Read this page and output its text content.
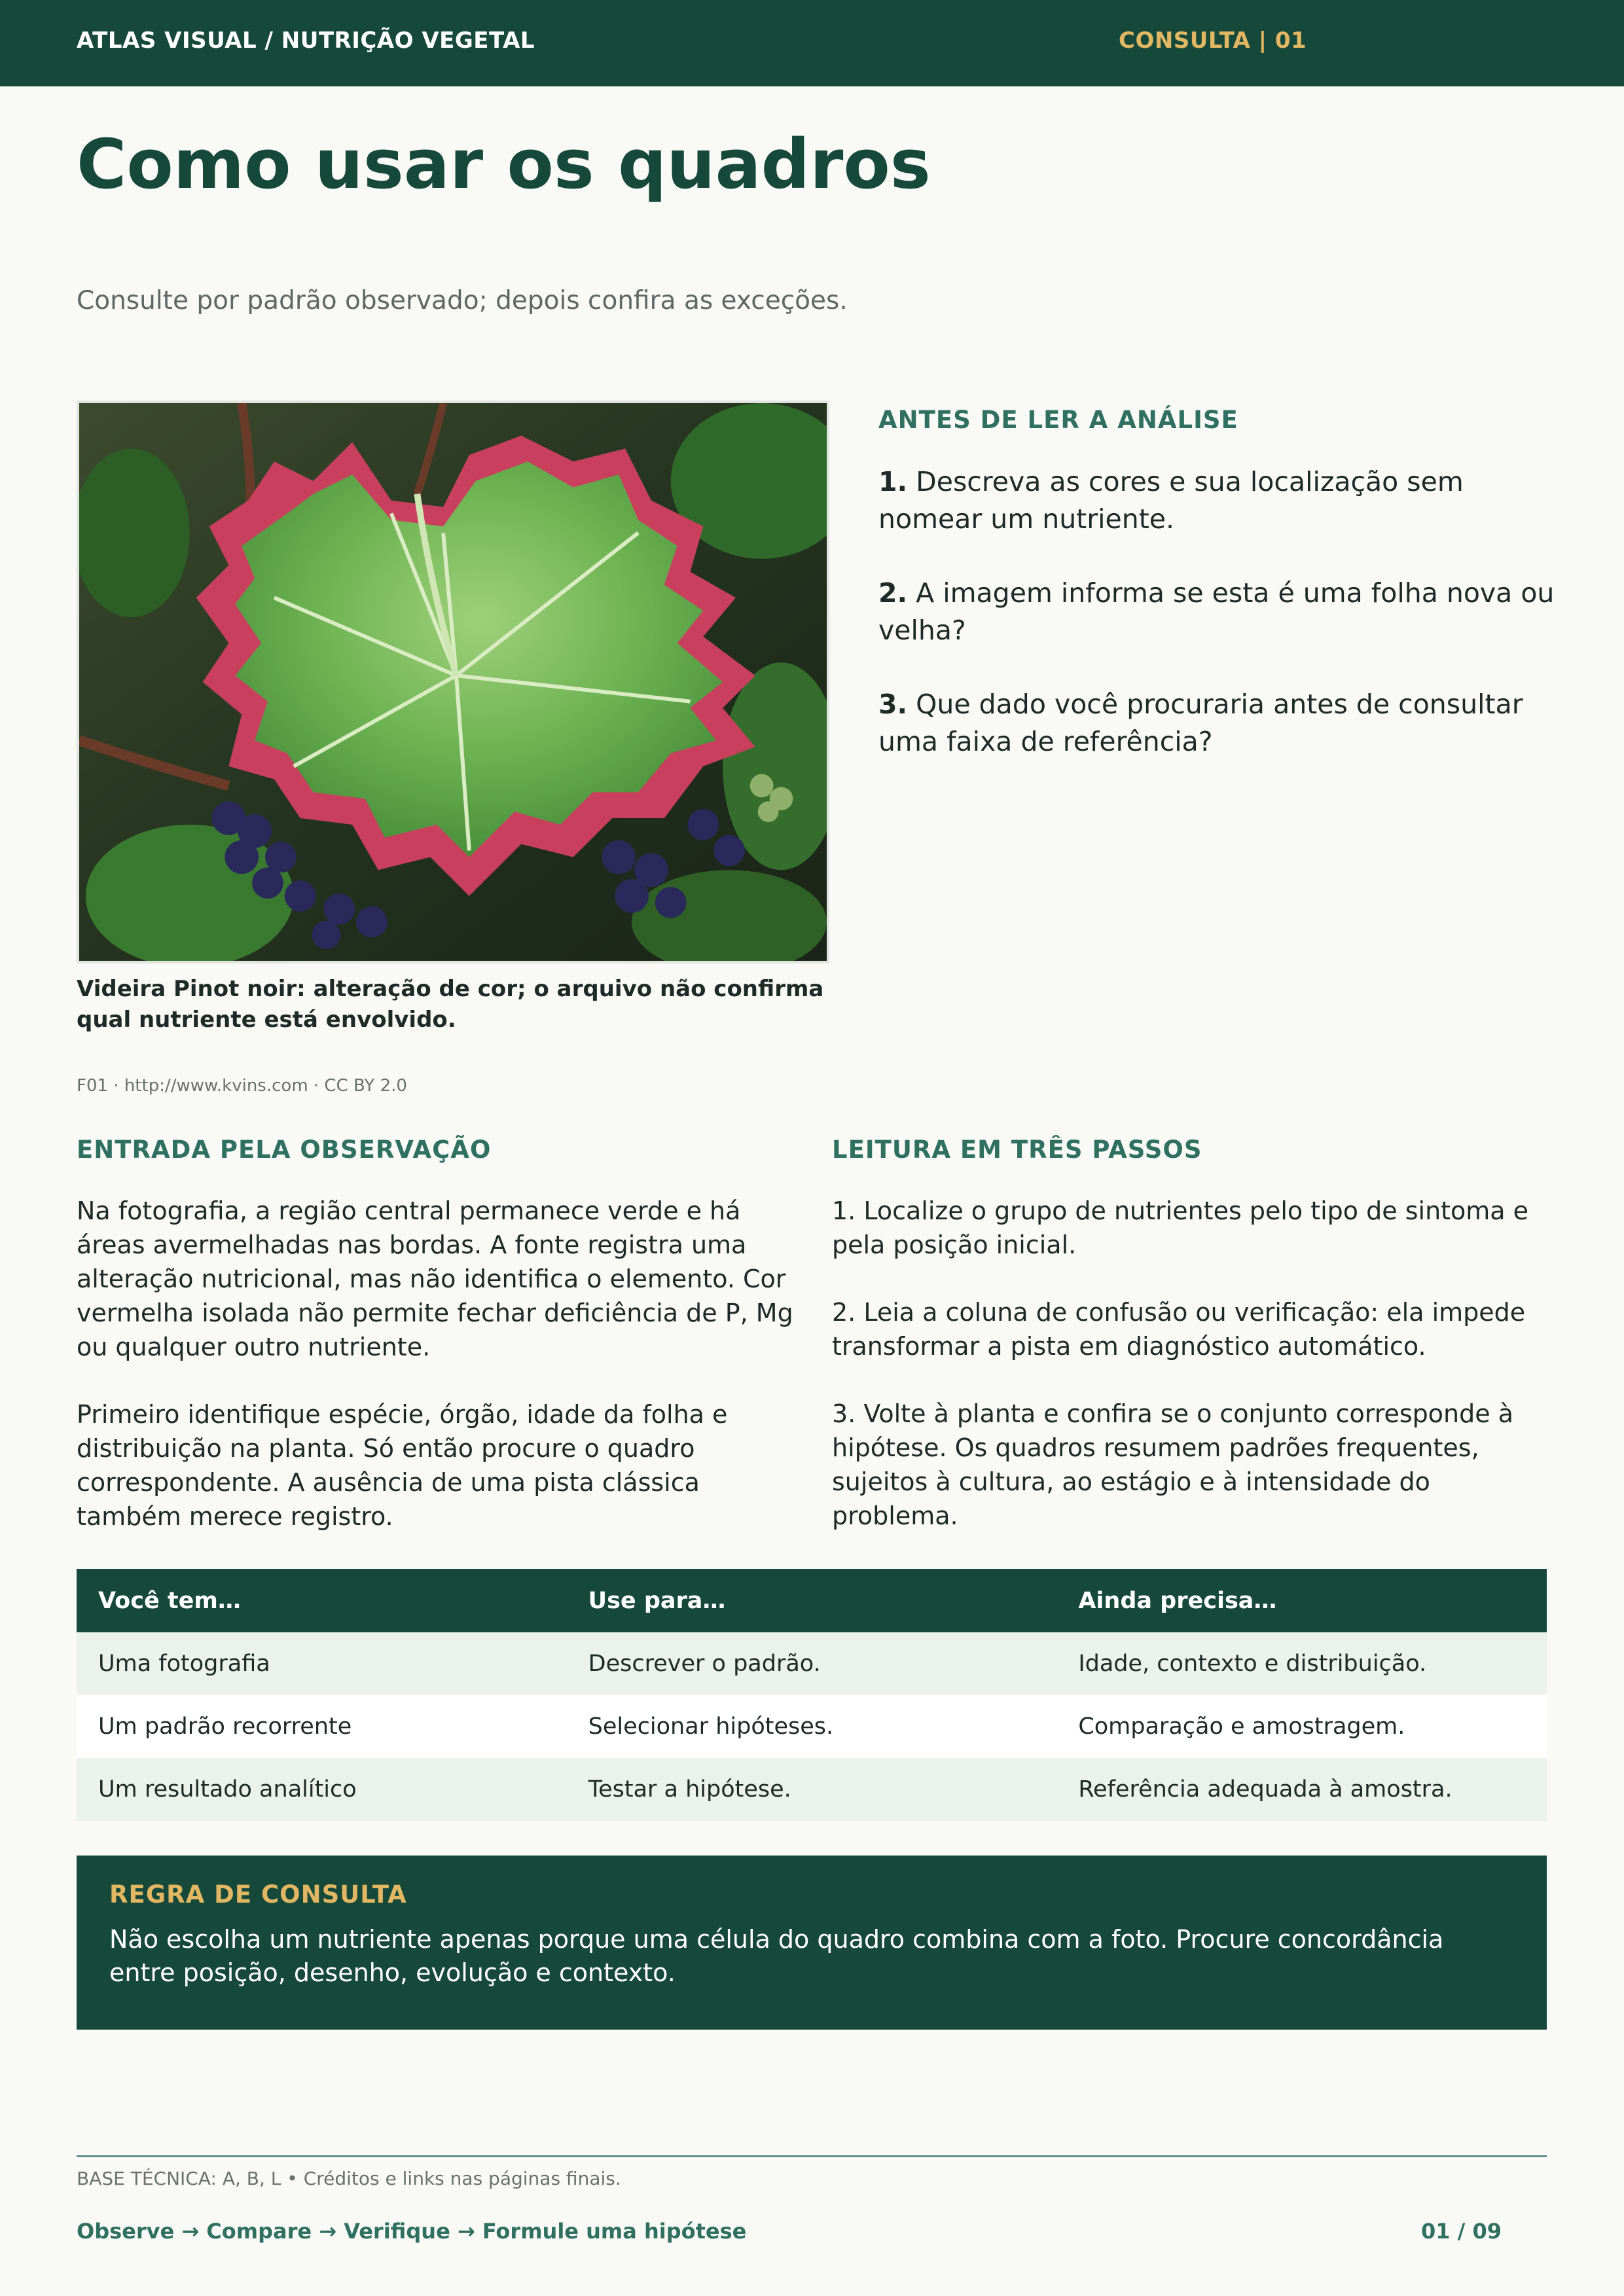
ATLAS VISUAL / NUTRIÇÃO VEGETAL	CONSULTA | 01
Como usar os quadros

Consulte por padrão observado; depois confira as exceções.

Videira Pinot noir: alteração de cor; o arquivo não confirma qual nutriente está envolvido.

F01 · http://www.kvins.com · CC BY 2.0
ANTES DE LER A ANÁLISE

1. Descreva as cores e sua localização sem nomear um nutriente.

2. A imagem informa se esta é uma folha nova ou velha?

3. Que dado você procuraria antes de consultar uma faixa de referência?

ENTRADA PELA OBSERVAÇÃO

Na fotografia, a região central permanece verde e há áreas avermelhadas nas bordas. A fonte registra uma alteração nutricional, mas não identifica o elemento. Cor vermelha isolada não permite fechar deficiência de P, Mg ou qualquer outro nutriente.

Primeiro identifique espécie, órgão, idade da folha e distribuição na planta. Só então procure o quadro correspondente. A ausência de uma pista clássica também merece registro.

LEITURA EM TRÊS PASSOS

1. Localize o grupo de nutrientes pelo tipo de sintoma e pela posição inicial.

2. Leia a coluna de confusão ou verificação: ela impede transformar a pista em diagnóstico automático.

3. Volte à planta e confira se o conjunto corresponde à hipótese. Os quadros resumem padrões frequentes, sujeitos à cultura, ao estágio e à intensidade do problema.

Você tem…	Use para…	Ainda precisa…
Uma fotografia	Descrever o padrão.	Idade, contexto e distribuição.
Um padrão recorrente	Selecionar hipóteses.	Comparação e amostragem.
Um resultado analítico	Testar a hipótese.	Referência adequada à amostra.

REGRA DE CONSULTA

Não escolha um nutriente apenas porque uma célula do quadro combina com a foto. Procure concordância entre posição, desenho, evolução e contexto.

BASE TÉCNICA: A, B, L • Créditos e links nas páginas finais.
Observe → Compare → Verifique → Formule uma hipótese	01 / 09
